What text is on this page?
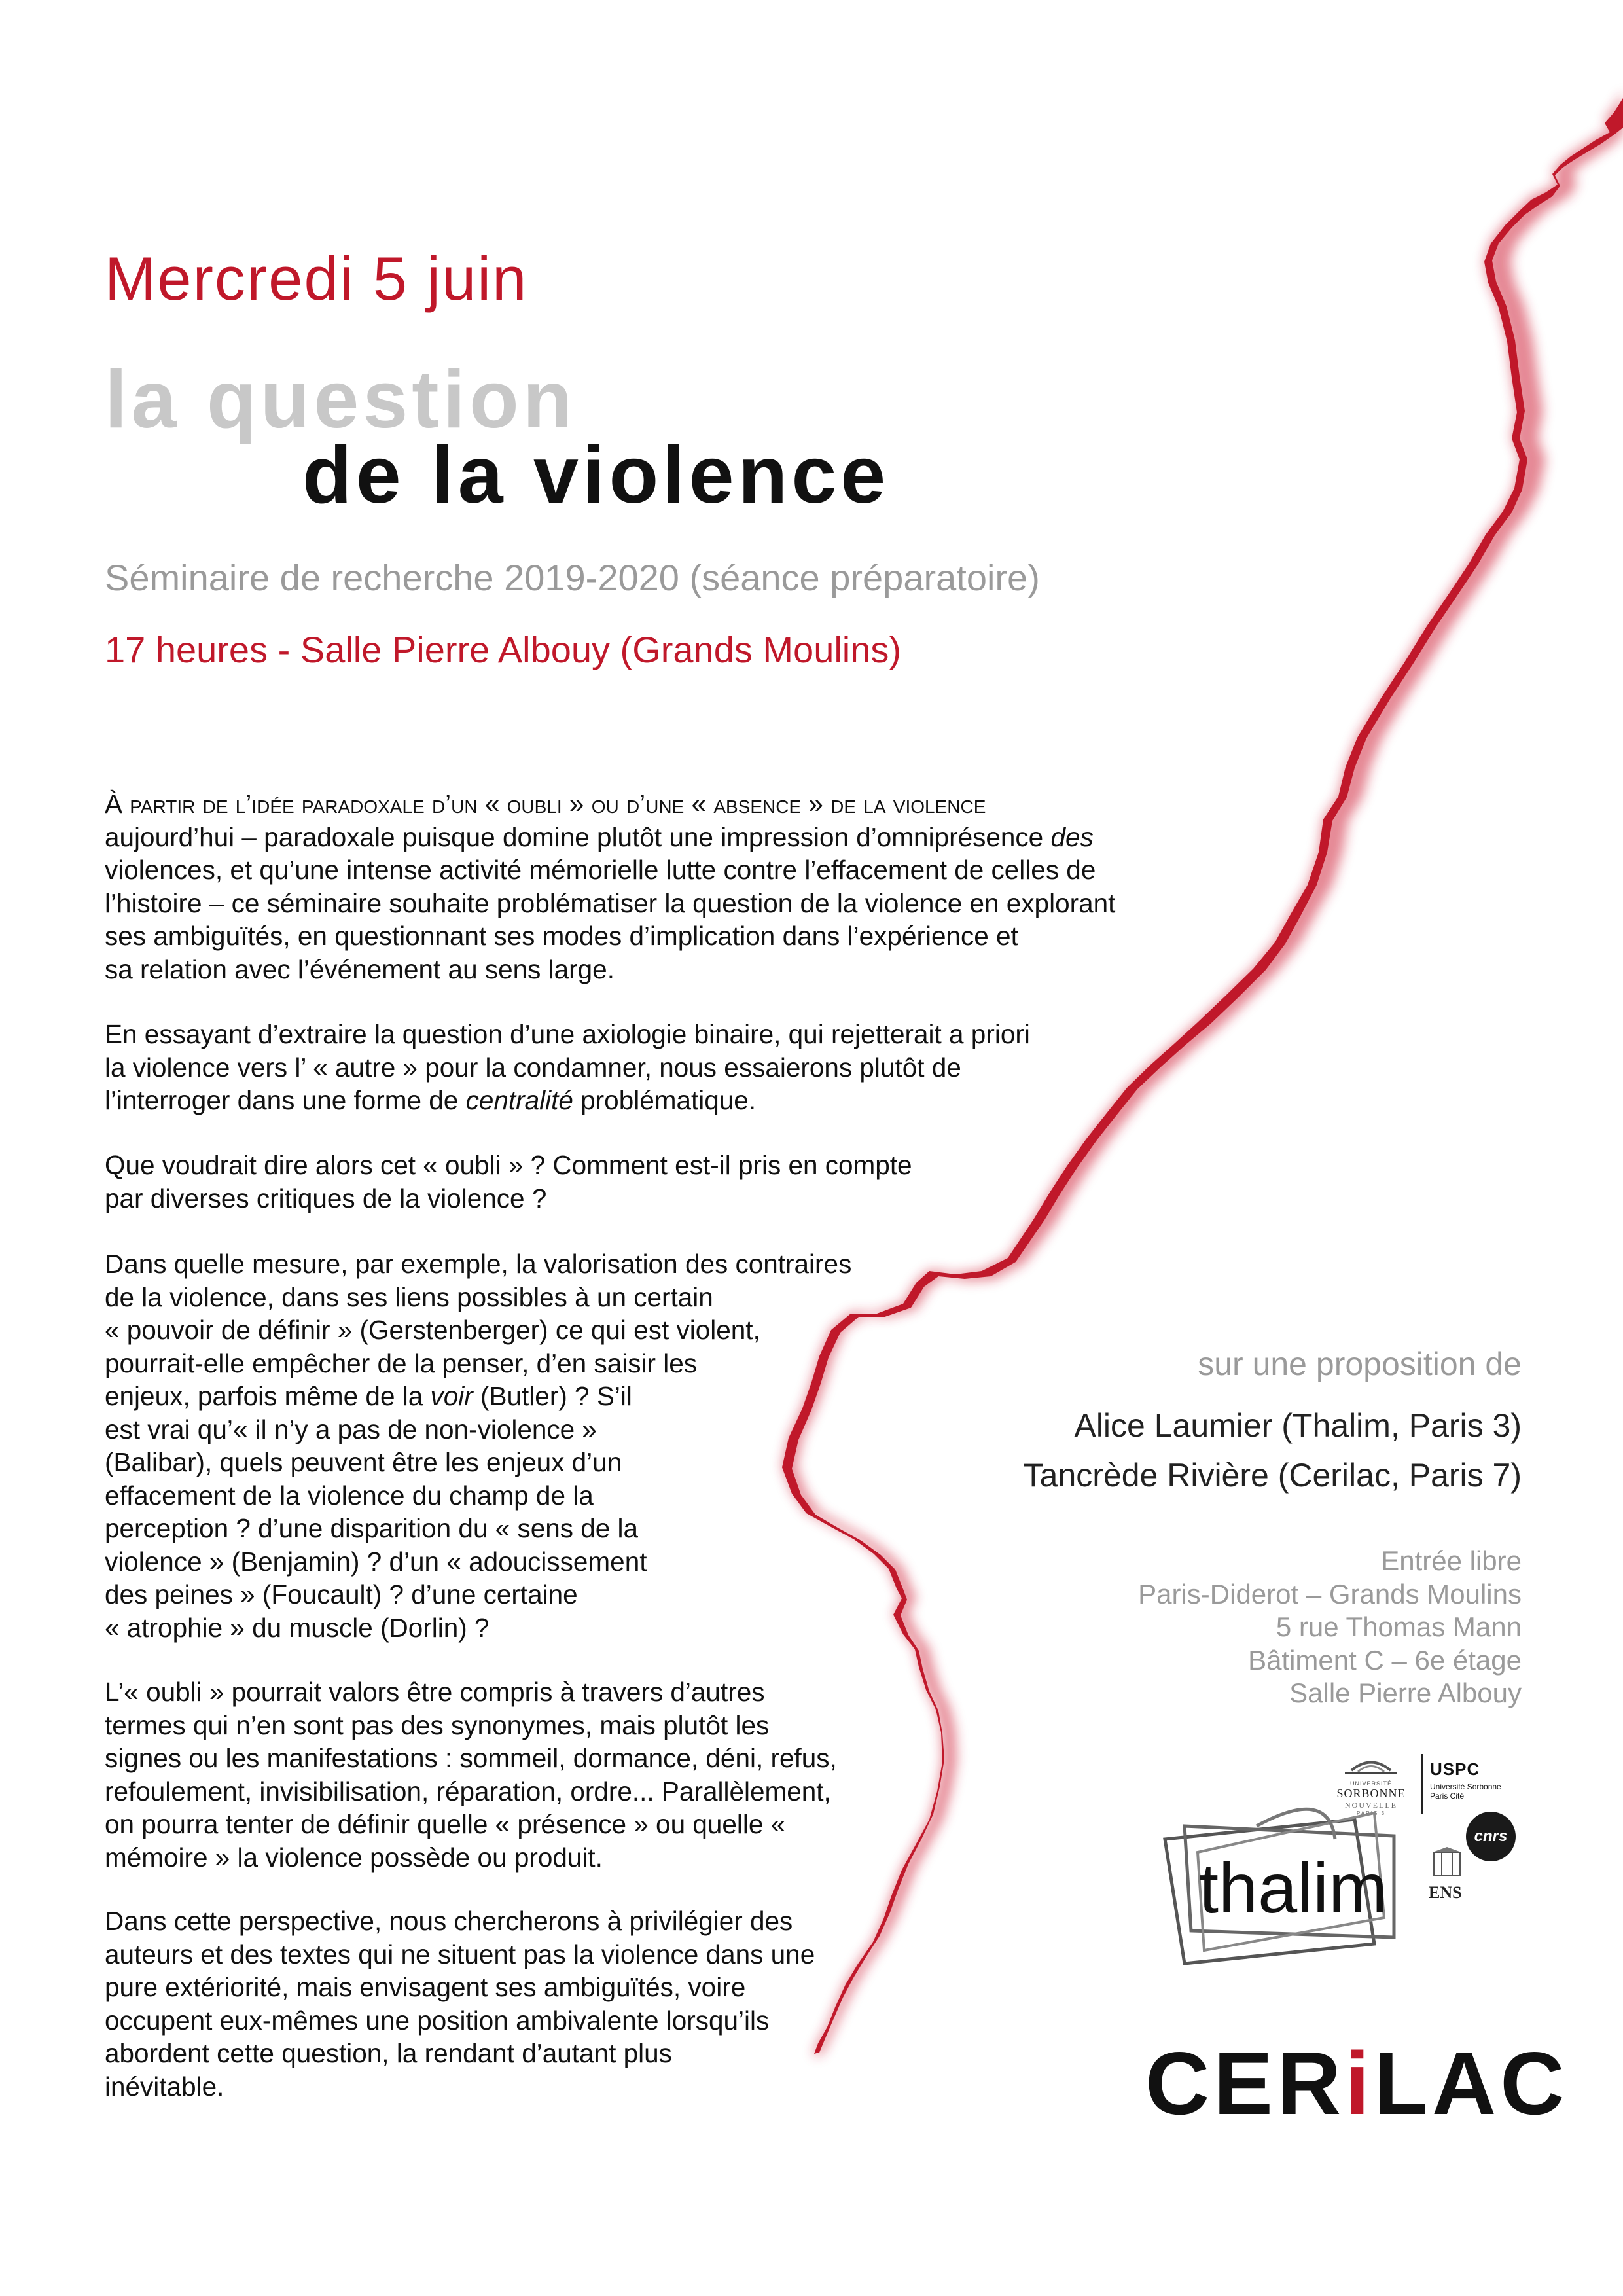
Mercredi 5 juin
la question
de la violence
Séminaire de recherche 2019-2020 (séance préparatoire)
17 heures - Salle Pierre Albouy (Grands Moulins)
À partir de l’idée paradoxale d’un « oubli » ou d’une « absence » de la violence
aujourd’hui – paradoxale puisque domine plutôt une impression d’omniprésence des
violences, et qu’une intense activité mémorielle lutte contre l’effacement de celles de
l’histoire – ce séminaire souhaite problématiser la question de la violence en explorant
ses ambiguïtés, en questionnant ses modes d’implication dans l’expérience et
sa relation avec l’événement au sens large.
En essayant d’extraire la question d’une axiologie binaire, qui rejetterait a priori
la violence vers l’ « autre » pour la condamner, nous essaierons plutôt de
l’interroger dans une forme de centralité problématique.
Que voudrait dire alors cet « oubli » ? Comment est-il pris en compte
par diverses critiques de la violence ?
Dans quelle mesure, par exemple, la valorisation des contraires
de la violence, dans ses liens possibles à un certain
« pouvoir de définir » (Gerstenberger) ce qui est violent,
pourrait-elle empêcher de la penser, d’en saisir les
enjeux, parfois même de la voir (Butler) ? S’il
est vrai qu’« il n’y a pas de non-violence »
(Balibar), quels peuvent être les enjeux d’un
effacement de la violence du champ de la
perception ? d’une disparition du « sens de la
violence » (Benjamin) ? d’un « adoucissement
des peines » (Foucault) ? d’une certaine
« atrophie » du muscle (Dorlin) ?
L’« oubli » pourrait valors être compris à travers d’autres
termes qui n’en sont pas des synonymes, mais plutôt les
signes ou les manifestations : sommeil, dormance, déni, refus,
refoulement, invisibilisation, réparation, ordre... Parallèlement,
on pourra tenter de définir quelle « présence » ou quelle «
mémoire » la violence possède ou produit.
Dans cette perspective, nous chercherons à privilégier des
auteurs et des textes qui ne situent pas la violence dans une
pure extériorité, mais envisagent ses ambiguïtés, voire
occupent eux-mêmes une position ambivalente lorsqu’ils
abordent cette question, la rendant d’autant plus
inévitable.
sur une proposition de
Alice Laumier (Thalim, Paris 3)
Tancrède Rivière (Cerilac, Paris 7)
Entrée libre
Paris-Diderot – Grands Moulins
5 rue Thomas Mann
Bâtiment C – 6e étage
Salle Pierre Albouy
UNIVERSITÉ
SORBONNE
NOUVELLE
PARIS 3
USPC
Université Sorbonne
Paris Cité
cnrs
ENS
thalim
CERiLAC
